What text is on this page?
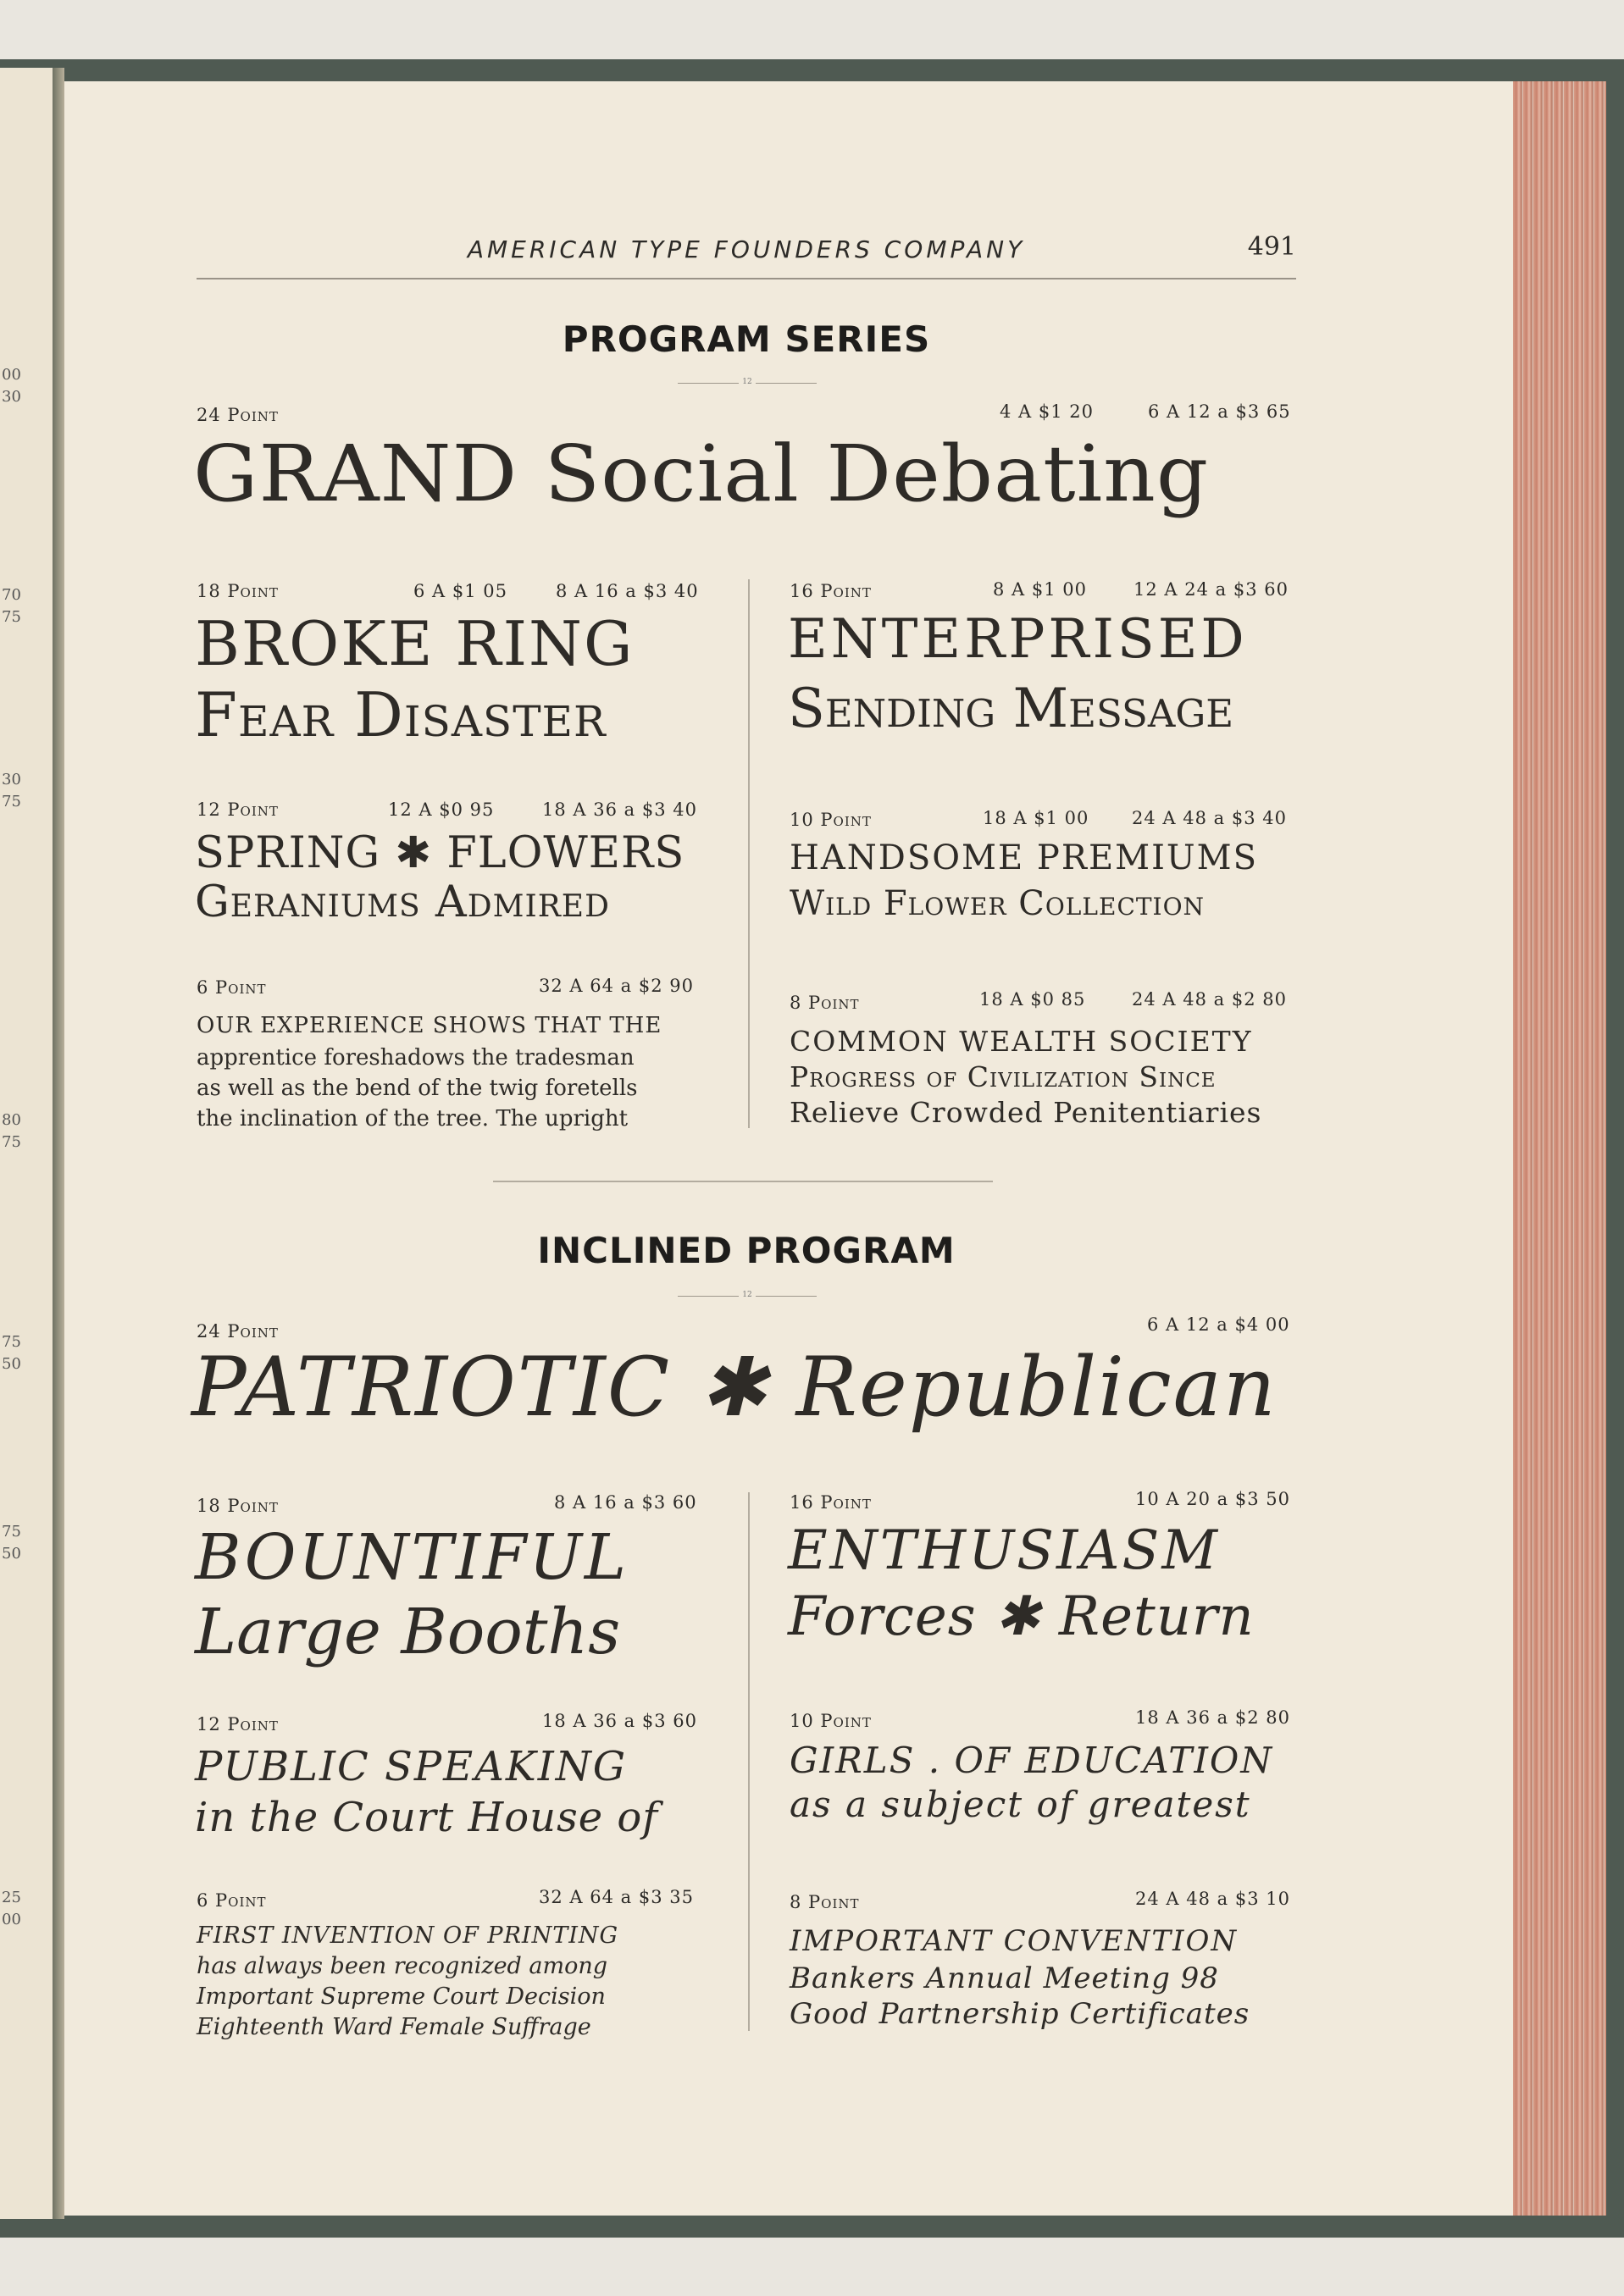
00
30
70
75
30
75
80
75
75
50
75
50
25
00
AMERICAN TYPE FOUNDERS COMPANY	491
PROGRAM SERIES
12
24 Point	4 A $1 20	6 A 12 a $3 65
GRAND Social Debating
18 Point	6 A $1 05	8 A 16 a $3 40
BROKE RING
Fear Disaster
16 Point	8 A $1 00	12 A 24 a $3 60
ENTERPRISED
Sending Message
12 Point	12 A $0 95	18 A 36 a $3 40
SPRING ✱ FLOWERS
Geraniums Admired
10 Point	18 A $1 00 24 A 48 a $3 40
HANDSOME PREMIUMS
Wild Flower Collection
6 Point	32 A 64 a $2 90
OUR EXPERIENCE SHOWS THAT THE
apprentice foreshadows the tradesman
as well as the bend of the twig foretells
the inclination of the tree. The upright
8 Point	18 A $0 85	24 A 48 a $2 80
COMMON WEALTH SOCIETY
Progress of Civilization Since
Relieve Crowded Penitentiaries
INCLINED PROGRAM
12
24 Point	6 A 12 a $4 00
PATRIOTIC ✱ Republican
18 Point	8 A 16 a $3 60
BOUNTIFUL
Large Booths
16 Point	10 A 20 a $3 50
ENTHUSIASM
Forces ✱ Return
12 Point	18 A 36 a $3 60
PUBLIC SPEAKING
in the Court House of
10 Point	18 A 36 a $2 80
GIRLS . OF EDUCATION
as a subject of greatest
6 Point	32 A 64 a $3 35
FIRST INVENTION OF PRINTING
has always been recognized among
Important Supreme Court Decision
Eighteenth Ward Female Suffrage
8 Point	24 A 48 a $3 10
IMPORTANT CONVENTION
Bankers Annual Meeting 98
Good Partnership Certificates
